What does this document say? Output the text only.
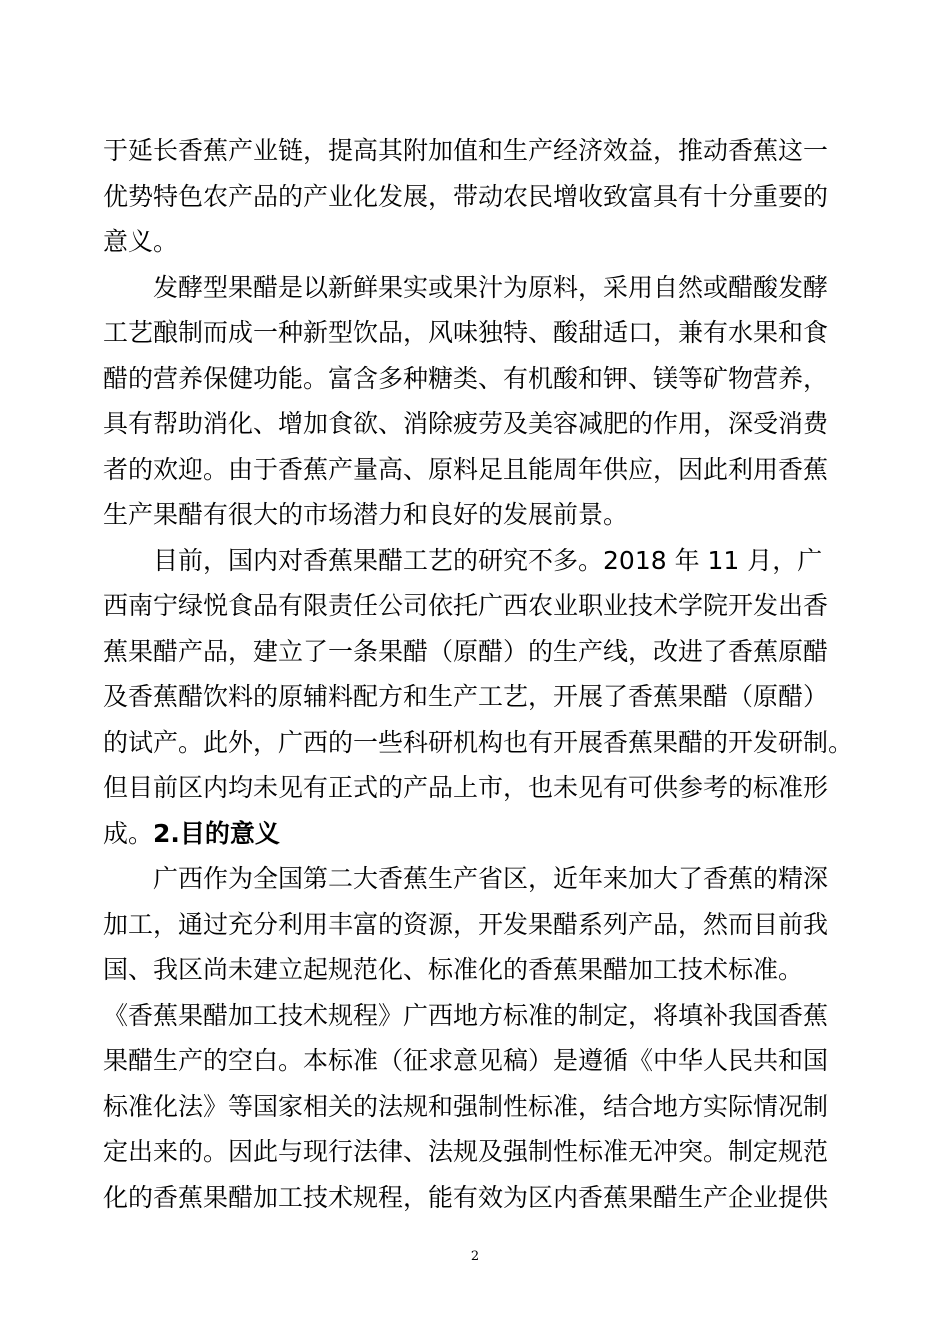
于延长香蕉产业链，提高其附加值和生产经济效益，推动香蕉这一
优势特色农产品的产业化发展，带动农民增收致富具有十分重要的
意义。
发酵型果醋是以新鲜果实或果汁为原料，采用自然或醋酸发酵
工艺酿制而成一种新型饮品，风味独特、酸甜适口，兼有水果和食
醋的营养保健功能。富含多种糖类、有机酸和钾、镁等矿物营养，
具有帮助消化、增加食欲、消除疲劳及美容减肥的作用，深受消费
者的欢迎。由于香蕉产量高、原料足且能周年供应，因此利用香蕉
生产果醋有很大的市场潜力和良好的发展前景。
目前，国内对香蕉果醋工艺的研究不多。2018 年 11 月，广
西南宁绿悦食品有限责任公司依托广西农业职业技术学院开发出香
蕉果醋产品，建立了一条果醋（原醋）的生产线，改进了香蕉原醋
及香蕉醋饮料的原辅料配方和生产工艺，开展了香蕉果醋（原醋）
的试产。此外，广西的一些科研机构也有开展香蕉果醋的开发研制。
但目前区内均未见有正式的产品上市，也未见有可供参考的标准形
成。2.目的意义
广西作为全国第二大香蕉生产省区，近年来加大了香蕉的精深
加工，通过充分利用丰富的资源，开发果醋系列产品，然而目前我
国、我区尚未建立起规范化、标准化的香蕉果醋加工技术标准。
《香蕉果醋加工技术规程》广西地方标准的制定，将填补我国香蕉
果醋生产的空白。本标准（征求意见稿）是遵循《中华人民共和国
标准化法》等国家相关的法规和强制性标准，结合地方实际情况制
定出来的。因此与现行法律、法规及强制性标准无冲突。制定规范
化的香蕉果醋加工技术规程，能有效为区内香蕉果醋生产企业提供
2
